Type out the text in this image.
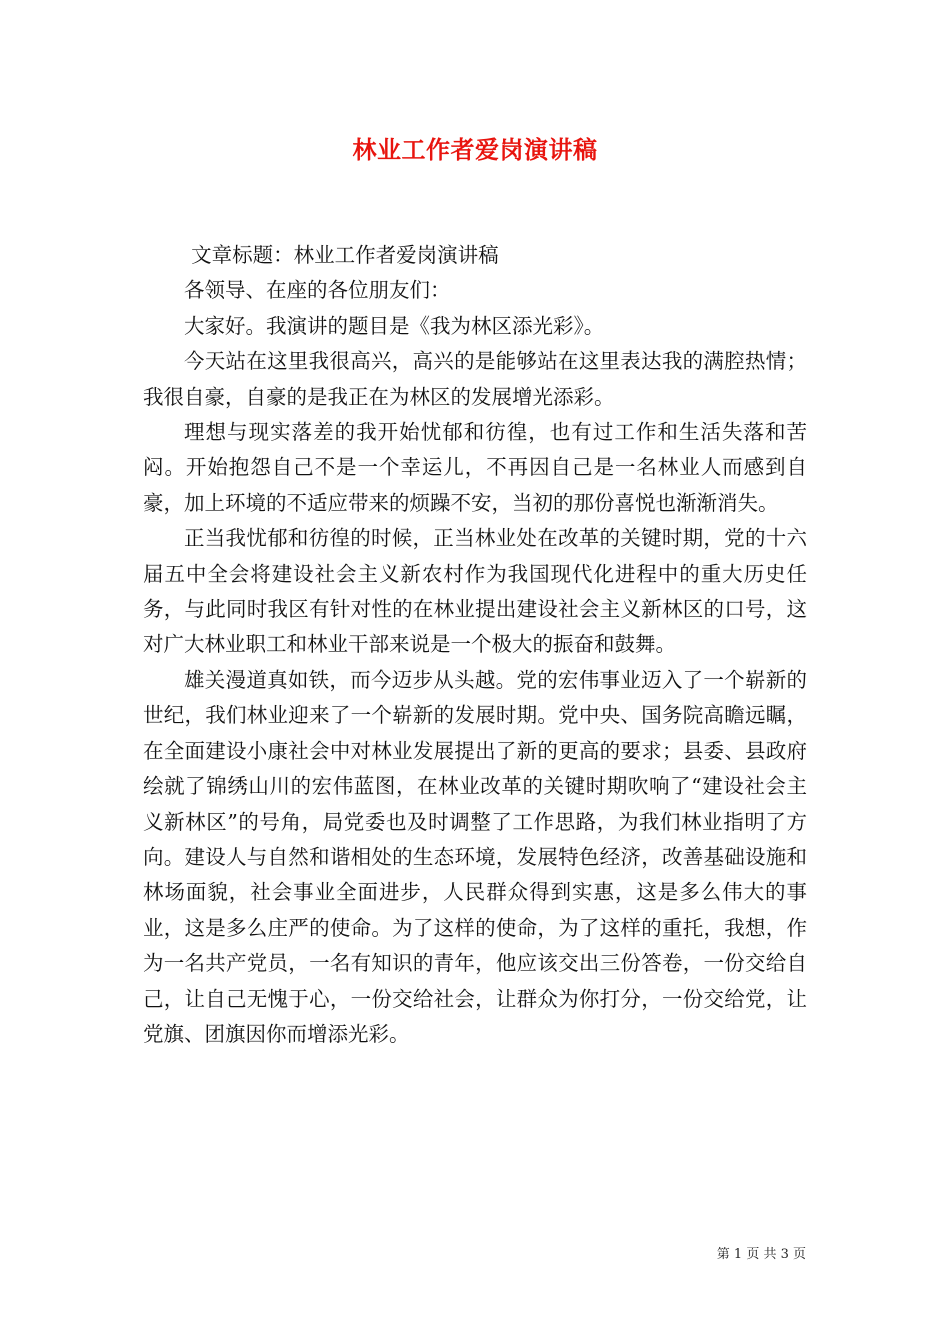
林业工作者爱岗演讲稿

文章标题：林业工作者爱岗演讲稿

各领导、在座的各位朋友们：

大家好。我演讲的题目是《我为林区添光彩》。

今天站在这里我很高兴，高兴的是能够站在这里表达我的满腔热情；我很自豪，自豪的是我正在为林区的发展增光添彩。

理想与现实落差的我开始忧郁和彷徨，也有过工作和生活失落和苦闷。开始抱怨自己不是一个幸运儿，不再因自己是一名林业人而感到自豪，加上环境的不适应带来的烦躁不安，当初的那份喜悦也渐渐消失。

正当我忧郁和彷徨的时候，正当林业处在改革的关键时期，党的十六届五中全会将建设社会主义新农村作为我国现代化进程中的重大历史任务，与此同时我区有针对性的在林业提出建设社会主义新林区的口号，这对广大林业职工和林业干部来说是一个极大的振奋和鼓舞。

雄关漫道真如铁，而今迈步从头越。党的宏伟事业迈入了一个崭新的世纪，我们林业迎来了一个崭新的发展时期。党中央、国务院高瞻远瞩，在全面建设小康社会中对林业发展提出了新的更高的要求；县委、县政府绘就了锦绣山川的宏伟蓝图，在林业改革的关键时期吹响了“建设社会主义新林区”的号角，局党委也及时调整了工作思路，为我们林业指明了方向。建设人与自然和谐相处的生态环境，发展特色经济，改善基础设施和林场面貌，社会事业全面进步，人民群众得到实惠，这是多么伟大的事业，这是多么庄严的使命。为了这样的使命，为了这样的重托，我想，作为一名共产党员，一名有知识的青年，他应该交出三份答卷，一份交给自己，让自己无愧于心，一份交给社会，让群众为你打分，一份交给党，让党旗、团旗因你而增添光彩。

第 1 页 共 3 页
